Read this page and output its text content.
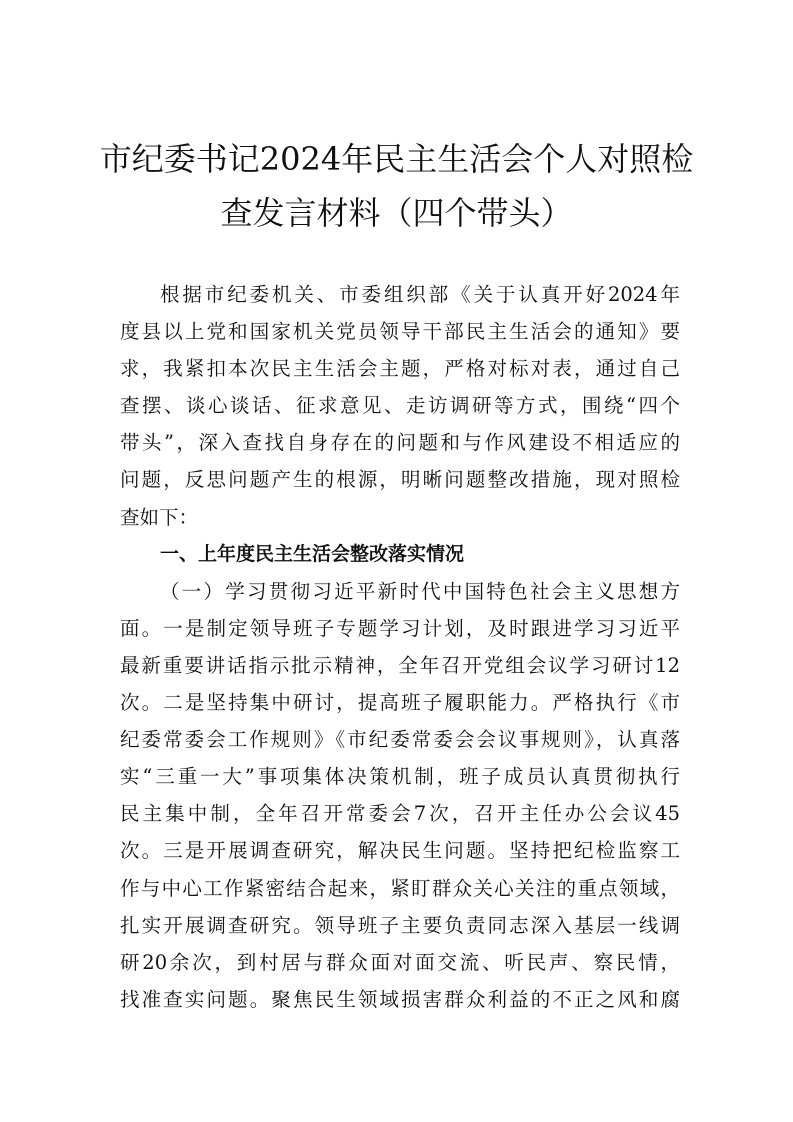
市纪委书记2024年民主生活会个人对照检
查发言材料（四个带头）
根据市纪委机关、市委组织部《关于认真开好2024年
度县以上党和国家机关党员领导干部民主生活会的通知》要
求，我紧扣本次民主生活会主题，严格对标对表，通过自己
查摆、谈心谈话、征求意见、走访调研等方式，围绕“四个
带头”，深入查找自身存在的问题和与作风建设不相适应的
问题，反思问题产生的根源，明晰问题整改措施，现对照检
查如下：
一、上年度民主生活会整改落实情况
（一）学习贯彻习近平新时代中国特色社会主义思想方
面。一是制定领导班子专题学习计划，及时跟进学习习近平
最新重要讲话指示批示精神，全年召开党组会议学习研讨12
次。二是坚持集中研讨，提高班子履职能力。严格执行《市
纪委常委会工作规则》《市纪委常委会会议事规则》，认真落
实“三重一大”事项集体决策机制，班子成员认真贯彻执行
民主集中制，全年召开常委会7次，召开主任办公会议45
次。三是开展调查研究，解决民生问题。坚持把纪检监察工
作与中心工作紧密结合起来，紧盯群众关心关注的重点领域，
扎实开展调查研究。领导班子主要负责同志深入基层一线调
研20余次，到村居与群众面对面交流、听民声、察民情，
找准查实问题。聚焦民生领域损害群众利益的不正之风和腐
